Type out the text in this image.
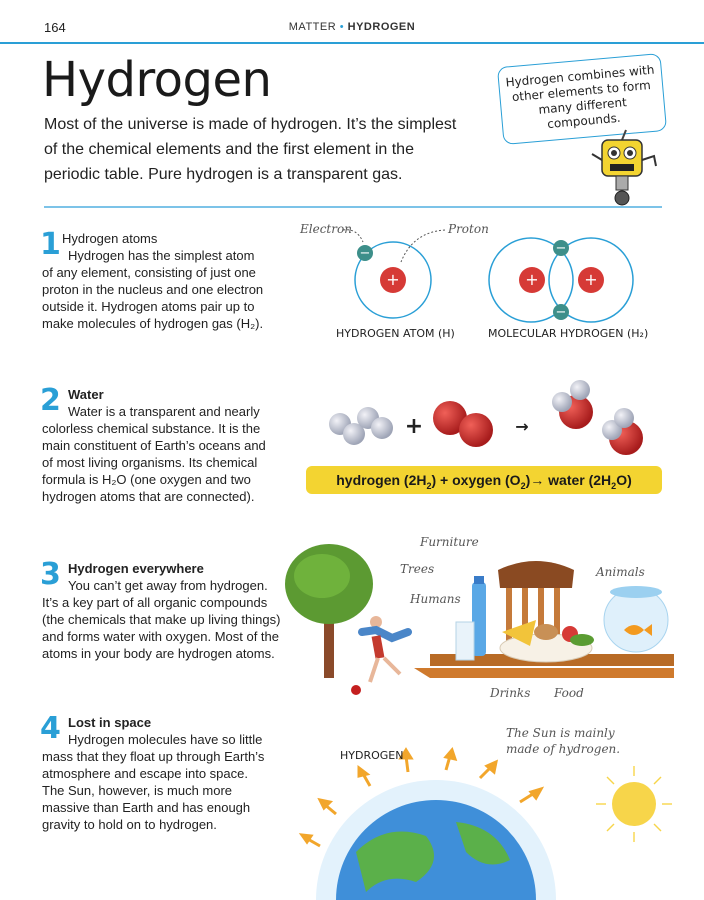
164	MATTER • HYDROGEN
Hydrogen
Most of the universe is made of hydrogen. It’s the simplest of the chemical elements and the first element in the periodic table. Pure hydrogen is a transparent gas.
Hydrogen combines with other elements to form many different compounds.
1 Hydrogen atoms
Hydrogen has the simplest atom
of any element, consisting of just one
proton in the nucleus and one electron
outside it. Hydrogen atoms pair up to
make molecules of hydrogen gas (H₂).
+
−
+	+
−
−
Electron	Proton
HYDROGEN ATOM (H)	MOLECULAR HYDROGEN (H₂)
2 Water
Water is a transparent and nearly
colorless chemical substance. It is the
main constituent of Earth’s oceans and
of most living organisms. Its chemical
formula is H₂O (one oxygen and two
hydrogen atoms that are connected).
+	→
hydrogen $(2H_2)$ + oxygen $(O_2)\to$ water $(2H_2O)$
3 Hydrogen everywhere
You can’t get away from hydrogen.
It’s a key part of all organic compounds
(the chemicals that make up living things)
and forms water with oxygen. Most of the
atoms in your body are hydrogen atoms.
Furniture
Trees
Humans
Animals
Drinks Food
4 Lost in space
Hydrogen molecules have so little
mass that they float up through Earth’s
atmosphere and escape into space.
The Sun, however, is much more
massive than Earth and has enough
gravity to hold on to hydrogen.
HYDROGEN
The Sun is mainly
made of hydrogen.
